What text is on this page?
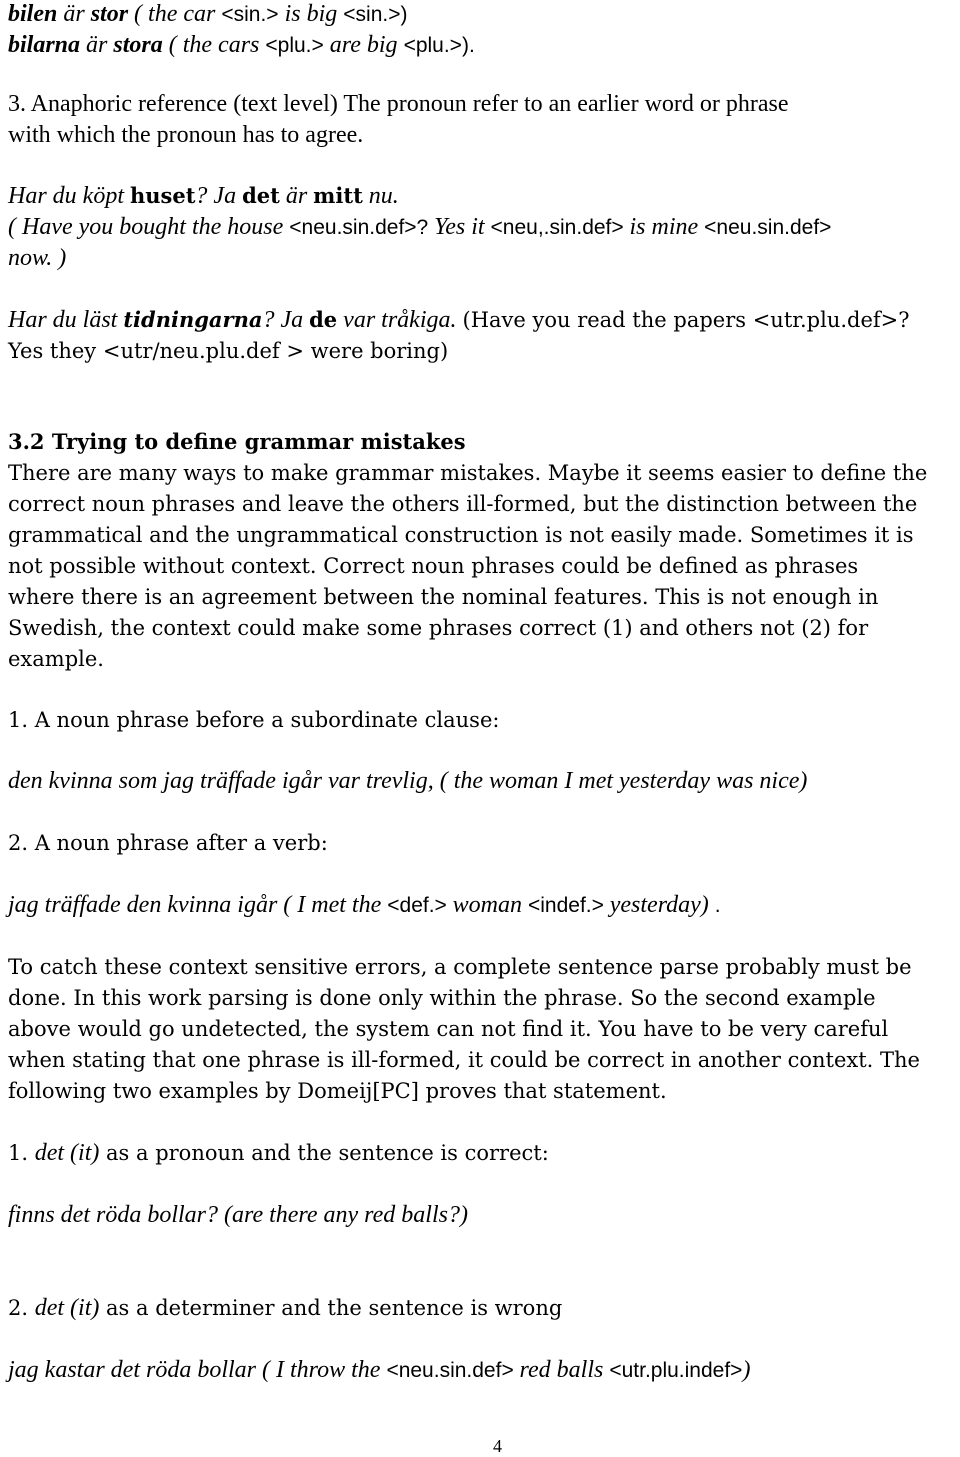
bilen är stor ( the car <sin.> is big <sin.>)
bilarna är stora ( the cars <plu.> are big <plu.>).
3. Anaphoric reference (text level) The pronoun refer to an earlier word or phrase
with which the pronoun has to agree.
Har du köpt huset? Ja det är mitt nu.
( Have you bought the house <neu.sin.def>? Yes it <neu,.sin.def> is mine <neu.sin.def>
now. )
Har du läst tidningarna? Ja de var tråkiga. (Have you read the papers <utr.plu.def>?
Yes they <utr/neu.plu.def > were boring)
3.2 Trying to define grammar mistakes
There are many ways to make grammar mistakes. Maybe it seems easier to define the
correct noun phrases and leave the others ill-formed, but the distinction between the
grammatical and the ungrammatical construction is not easily made. Sometimes it is
not possible without context. Correct noun phrases could be defined as phrases
where there is an agreement between the nominal features. This is not enough in
Swedish, the context could make some phrases correct (1) and others not (2) for
example.
1. A noun phrase before a subordinate clause:
den kvinna som jag träffade igår var trevlig, ( the woman I met yesterday was nice)
2. A noun phrase after a verb:
jag träffade den kvinna igår ( I met the <def.> woman <indef.> yesterday) .
To catch these context sensitive errors, a complete sentence parse probably must be
done. In this work parsing is done only within the phrase. So the second example
above would go undetected, the system can not find it. You have to be very careful
when stating that one phrase is ill-formed, it could be correct in another context. The
following two examples by Domeij[PC] proves that statement.
1. det (it) as a pronoun and the sentence is correct:
finns det röda bollar? (are there any red balls?)
2. det (it) as a determiner and the sentence is wrong
jag kastar det röda bollar ( I throw the <neu.sin.def> red balls <utr.plu.indef>)
4
